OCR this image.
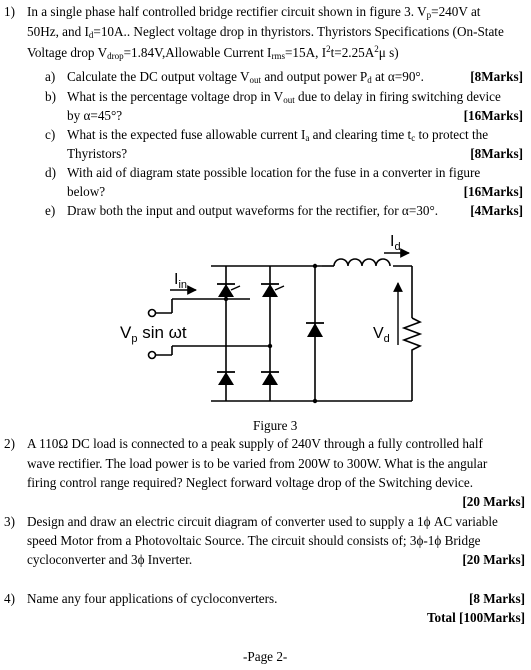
1) In a single phase half controlled bridge rectifier circuit shown in figure 3. $V_p=240V$ at
50Hz, and $I_d=10A$.. Neglect voltage drop in thyristors. Thyristors Specifications (On-State
Voltage drop $V_{drop}=1.84V,Allowable$ Current $I_{rms}=15A$, $I^2t=2.25A^2\mu$ s)
a) Calculate the DC output voltage $V_{out}$ and output power $P_d$ at α=90°.	[8Marks]
b) What is the percentage voltage drop in $V_{out}$ due to delay in firing switching device
by α=45°?	[16Marks]
c) What is the expected fuse allowable current $I_a$ and clearing time $t_c$ to protect the
Thyristors?	[8Marks]
d) With aid of diagram state possible location for the fuse in a converter in figure
below?	[16Marks]
e) Draw both the input and output waveforms for the rectifier, for α=30°. [4Marks]
$I_d$
$I_{in}$
$V_p$ sin ωt	$V_d$
Figure 3
2) A 110Ω DC load is connected to a peak supply of 240V through a fully controlled half
wave rectifier. The load power is to be varied from 200W to 300W. What is the angular
firing control range required? Neglect forward voltage drop of the Switching device.
[20 Marks]
3) Design and draw an electric circuit diagram of converter used to supply a 1ϕ AC variable
speed Motor from a Photovoltaic Source. The circuit should consists of; 3ϕ-1ϕ Bridge
cycloconverter and 3ϕ Inverter.	[20 Marks]
4) Name any four applications of cycloconverters.	[8 Marks]
Total [100Marks]
-Page 2-
